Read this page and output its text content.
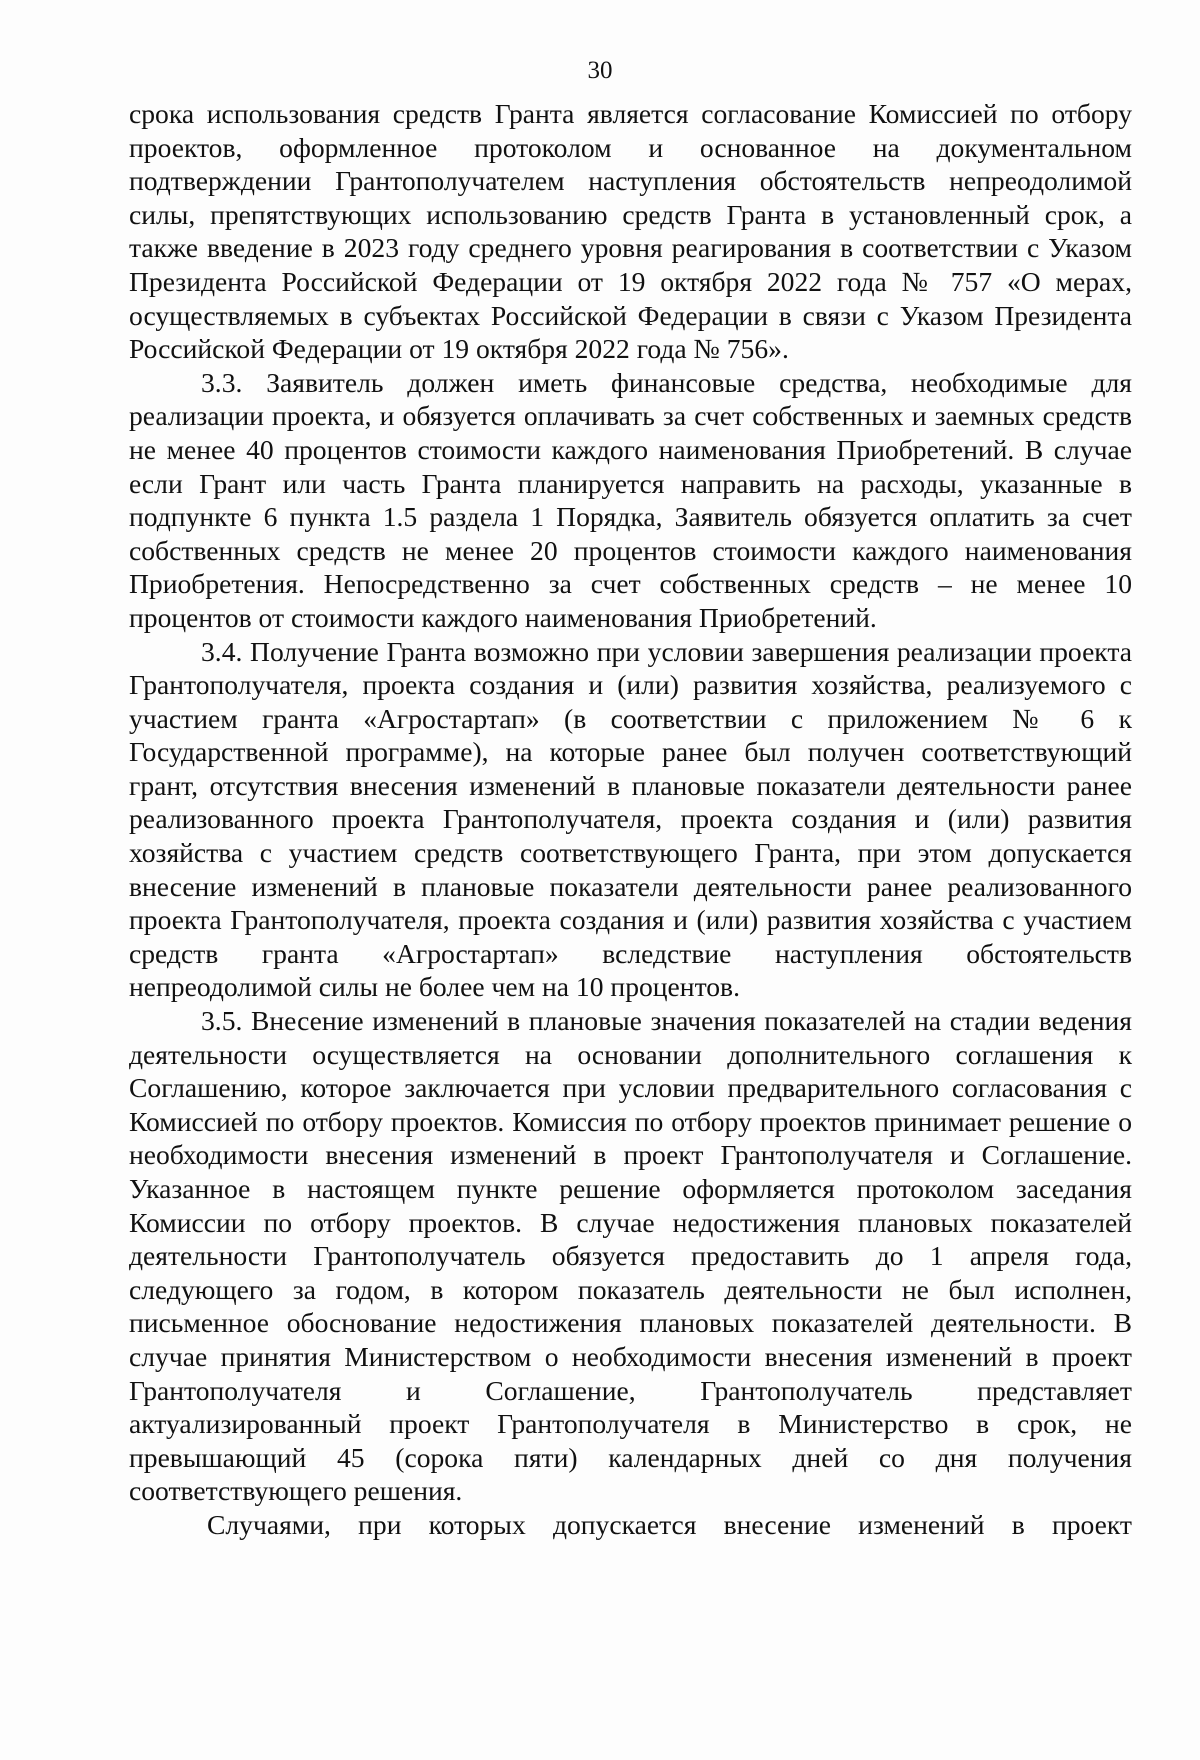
30

срока использования средств Гранта является согласование Комиссией по отбору проектов, оформленное протоколом и основанное на документальном подтверждении Грантополучателем наступления обстоятельств непреодолимой силы, препятствующих использованию средств Гранта в установленный срок, а также введение в 2023 году среднего уровня реагирования в соответствии с Указом Президента Российской Федерации от 19 октября 2022 года № 757 «О мерах, осуществляемых в субъектах Российской Федерации в связи с Указом Президента Российской Федерации от 19 октября 2022 года № 756».

3.3. Заявитель должен иметь финансовые средства, необходимые для реализации проекта, и обязуется оплачивать за счет собственных и заемных средств не менее 40 процентов стоимости каждого наименования Приобретений. В случае если Грант или часть Гранта планируется направить на расходы, указанные в подпункте 6 пункта 1.5 раздела 1 Порядка, Заявитель обязуется оплатить за счет собственных средств не менее 20 процентов стоимости каждого наименования Приобретения. Непосредственно за счет собственных средств – не менее 10 процентов от стоимости каждого наименования Приобретений.

3.4. Получение Гранта возможно при условии завершения реализации проекта Грантополучателя, проекта создания и (или) развития хозяйства, реализуемого с участием гранта «Агростартап» (в соответствии с приложением № 6 к Государственной программе), на которые ранее был получен соответствующий грант, отсутствия внесения изменений в плановые показатели деятельности ранее реализованного проекта Грантополучателя, проекта создания и (или) развития хозяйства с участием средств соответствующего Гранта, при этом допускается внесение изменений в плановые показатели деятельности ранее реализованного проекта Грантополучателя, проекта создания и (или) развития хозяйства с участием средств гранта «Агростартап» вследствие наступления обстоятельств непреодолимой силы не более чем на 10 процентов.

3.5. Внесение изменений в плановые значения показателей на стадии ведения деятельности осуществляется на основании дополнительного соглашения к Соглашению, которое заключается при условии предварительного согласования с Комиссией по отбору проектов. Комиссия по отбору проектов принимает решение о необходимости внесения изменений в проект Грантополучателя и Соглашение. Указанное в настоящем пункте решение оформляется протоколом заседания Комиссии по отбору проектов. В случае недостижения плановых показателей деятельности Грантополучатель обязуется предоставить до 1 апреля года, следующего за годом, в котором показатель деятельности не был исполнен, письменное обоснование недостижения плановых показателей деятельности. В случае принятия Министерством о необходимости внесения изменений в проект Грантополучателя и Соглашение, Грантополучатель представляет актуализированный проект Грантополучателя в Министерство в срок, не превышающий 45 (сорока пяти) календарных дней со дня получения соответствующего решения.

Случаями, при которых допускается внесение изменений в проект
